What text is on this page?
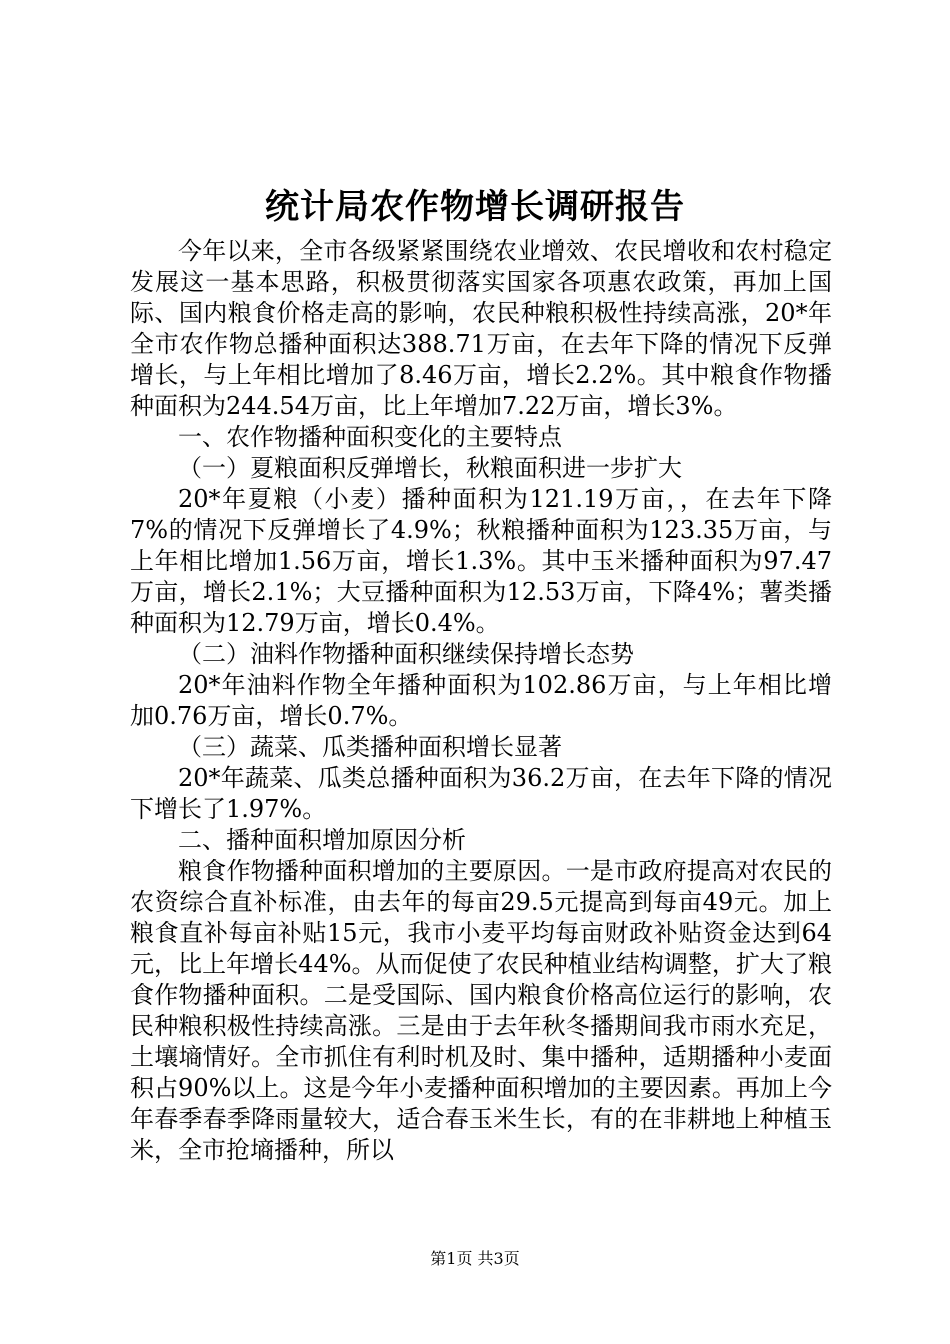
统计局农作物增长调研报告

今年以来，全市各级紧紧围绕农业增效、农民增收和农村稳定发展这一基本思路，积极贯彻落实国家各项惠农政策，再加上国际、国内粮食价格走高的影响，农民种粮积极性持续高涨，20*年全市农作物总播种面积达388.71万亩，在去年下降的情况下反弹增长，与上年相比增加了8.46万亩，增长2.2%。其中粮食作物播种面积为244.54万亩，比上年增加7.22万亩，增长3%。

一、农作物播种面积变化的主要特点

（一）夏粮面积反弹增长，秋粮面积进一步扩大

20*年夏粮（小麦）播种面积为121.19万亩，，在去年下降7%的情况下反弹增长了4.9%；秋粮播种面积为123.35万亩，与上年相比增加1.56万亩，增长1.3%。其中玉米播种面积为97.47万亩，增长2.1%；大豆播种面积为12.53万亩，下降4%；薯类播种面积为12.79万亩，增长0.4%。

（二）油料作物播种面积继续保持增长态势

20*年油料作物全年播种面积为102.86万亩，与上年相比增加0.76万亩，增长0.7%。

（三）蔬菜、瓜类播种面积增长显著

20*年蔬菜、瓜类总播种面积为36.2万亩，在去年下降的情况下增长了1.97%。

二、播种面积增加原因分析

粮食作物播种面积增加的主要原因。一是市政府提高对农民的农资综合直补标准，由去年的每亩29.5元提高到每亩49元。加上粮食直补每亩补贴15元，我市小麦平均每亩财政补贴资金达到64元，比上年增长44%。从而促使了农民种植业结构调整，扩大了粮食作物播种面积。二是受国际、国内粮食价格高位运行的影响，农民种粮积极性持续高涨。三是由于去年秋冬播期间我市雨水充足，土壤墒情好。全市抓住有利时机及时、集中播种，适期播种小麦面积占90%以上。这是今年小麦播种面积增加的主要因素。再加上今年春季春季降雨量较大，适合春玉米生长，有的在非耕地上种植玉米，全市抢墒播种，所以

第1页 共3页
